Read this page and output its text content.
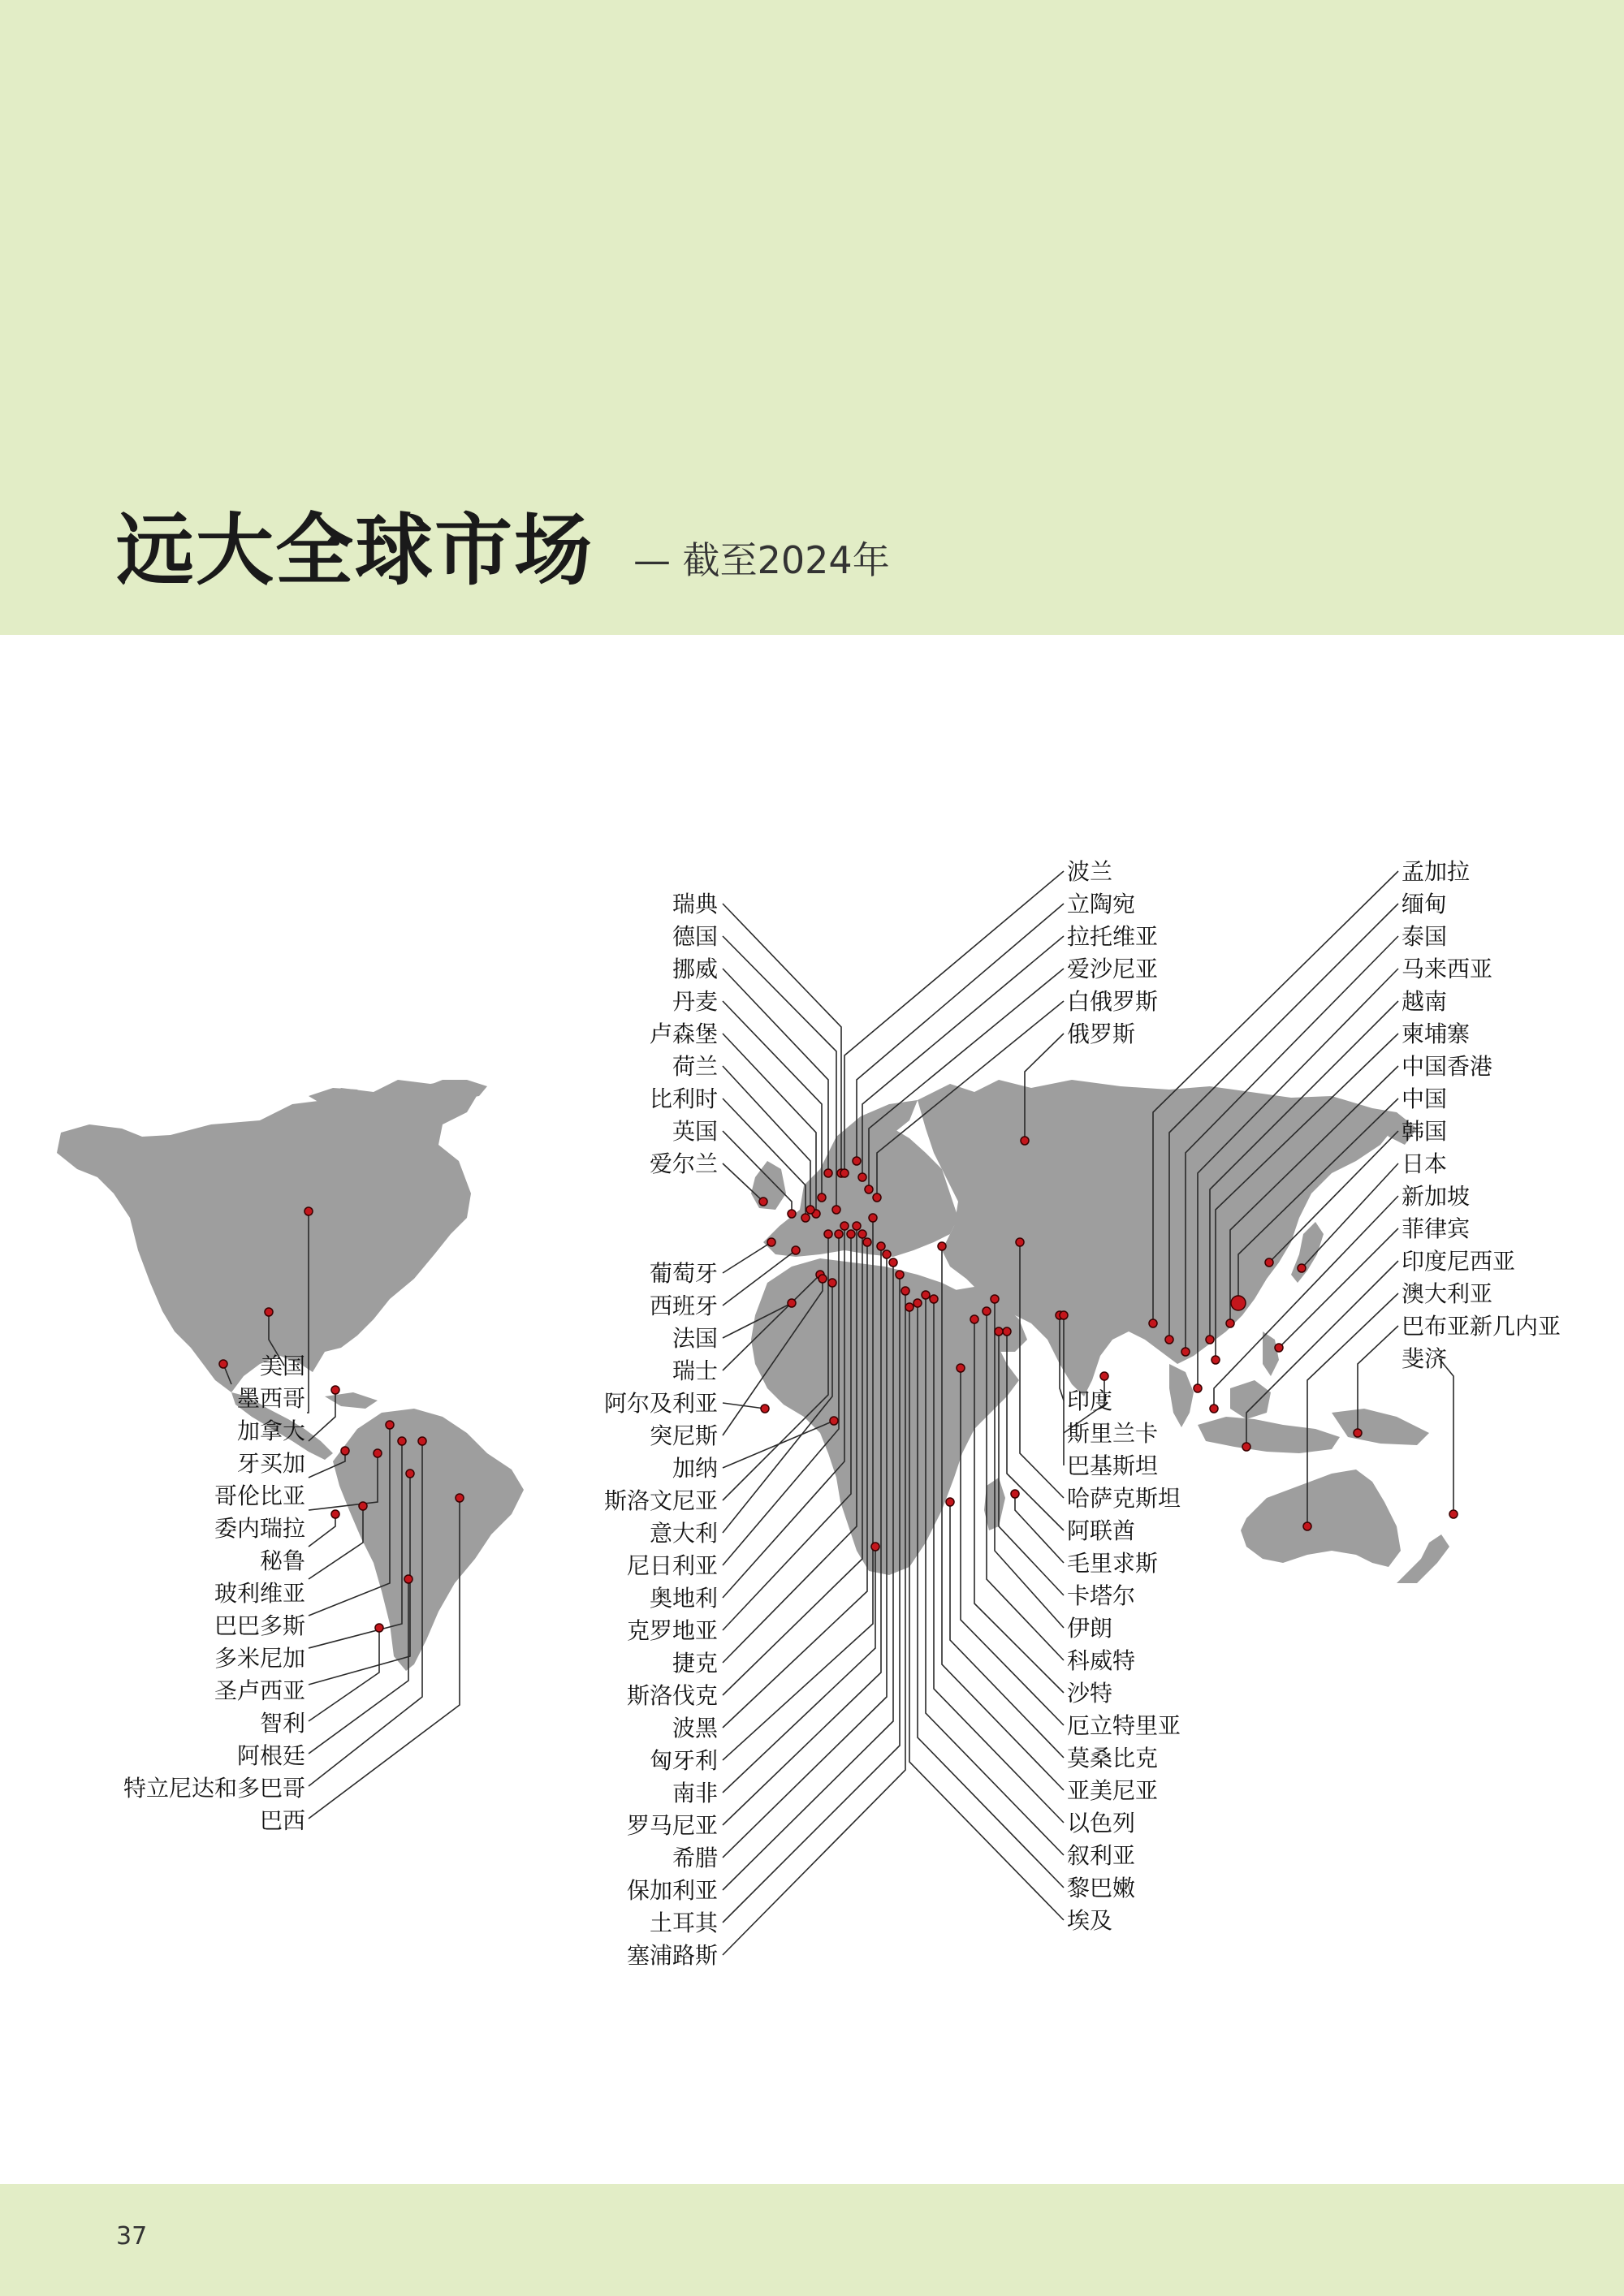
远大全球市场 — 截至2024年
美国
墨西哥
加拿大
牙买加
哥伦比亚
委内瑞拉
秘鲁
玻利维亚
巴巴多斯
多米尼加
圣卢西亚
智利
阿根廷
特立尼达和多巴哥
巴西
瑞典
德国
挪威
丹麦
卢森堡
荷兰
比利时
英国
爱尔兰
葡萄牙
西班牙
法国
瑞士
阿尔及利亚
突尼斯
加纳
斯洛文尼亚
意大利
尼日利亚
奥地利
克罗地亚
捷克
斯洛伐克
波黑
匈牙利
南非
罗马尼亚
希腊
保加利亚
土耳其
塞浦路斯
波兰
立陶宛
拉托维亚
爱沙尼亚
白俄罗斯
俄罗斯
印度
斯里兰卡
巴基斯坦
哈萨克斯坦
阿联酋
毛里求斯
卡塔尔
伊朗
科威特
沙特
厄立特里亚
莫桑比克
亚美尼亚
以色列
叙利亚
黎巴嫩
埃及
孟加拉
缅甸
泰国
马来西亚
越南
柬埔寨
中国香港
中国
韩国
日本
新加坡
菲律宾
印度尼西亚
澳大利亚
巴布亚新几内亚
斐济
37
